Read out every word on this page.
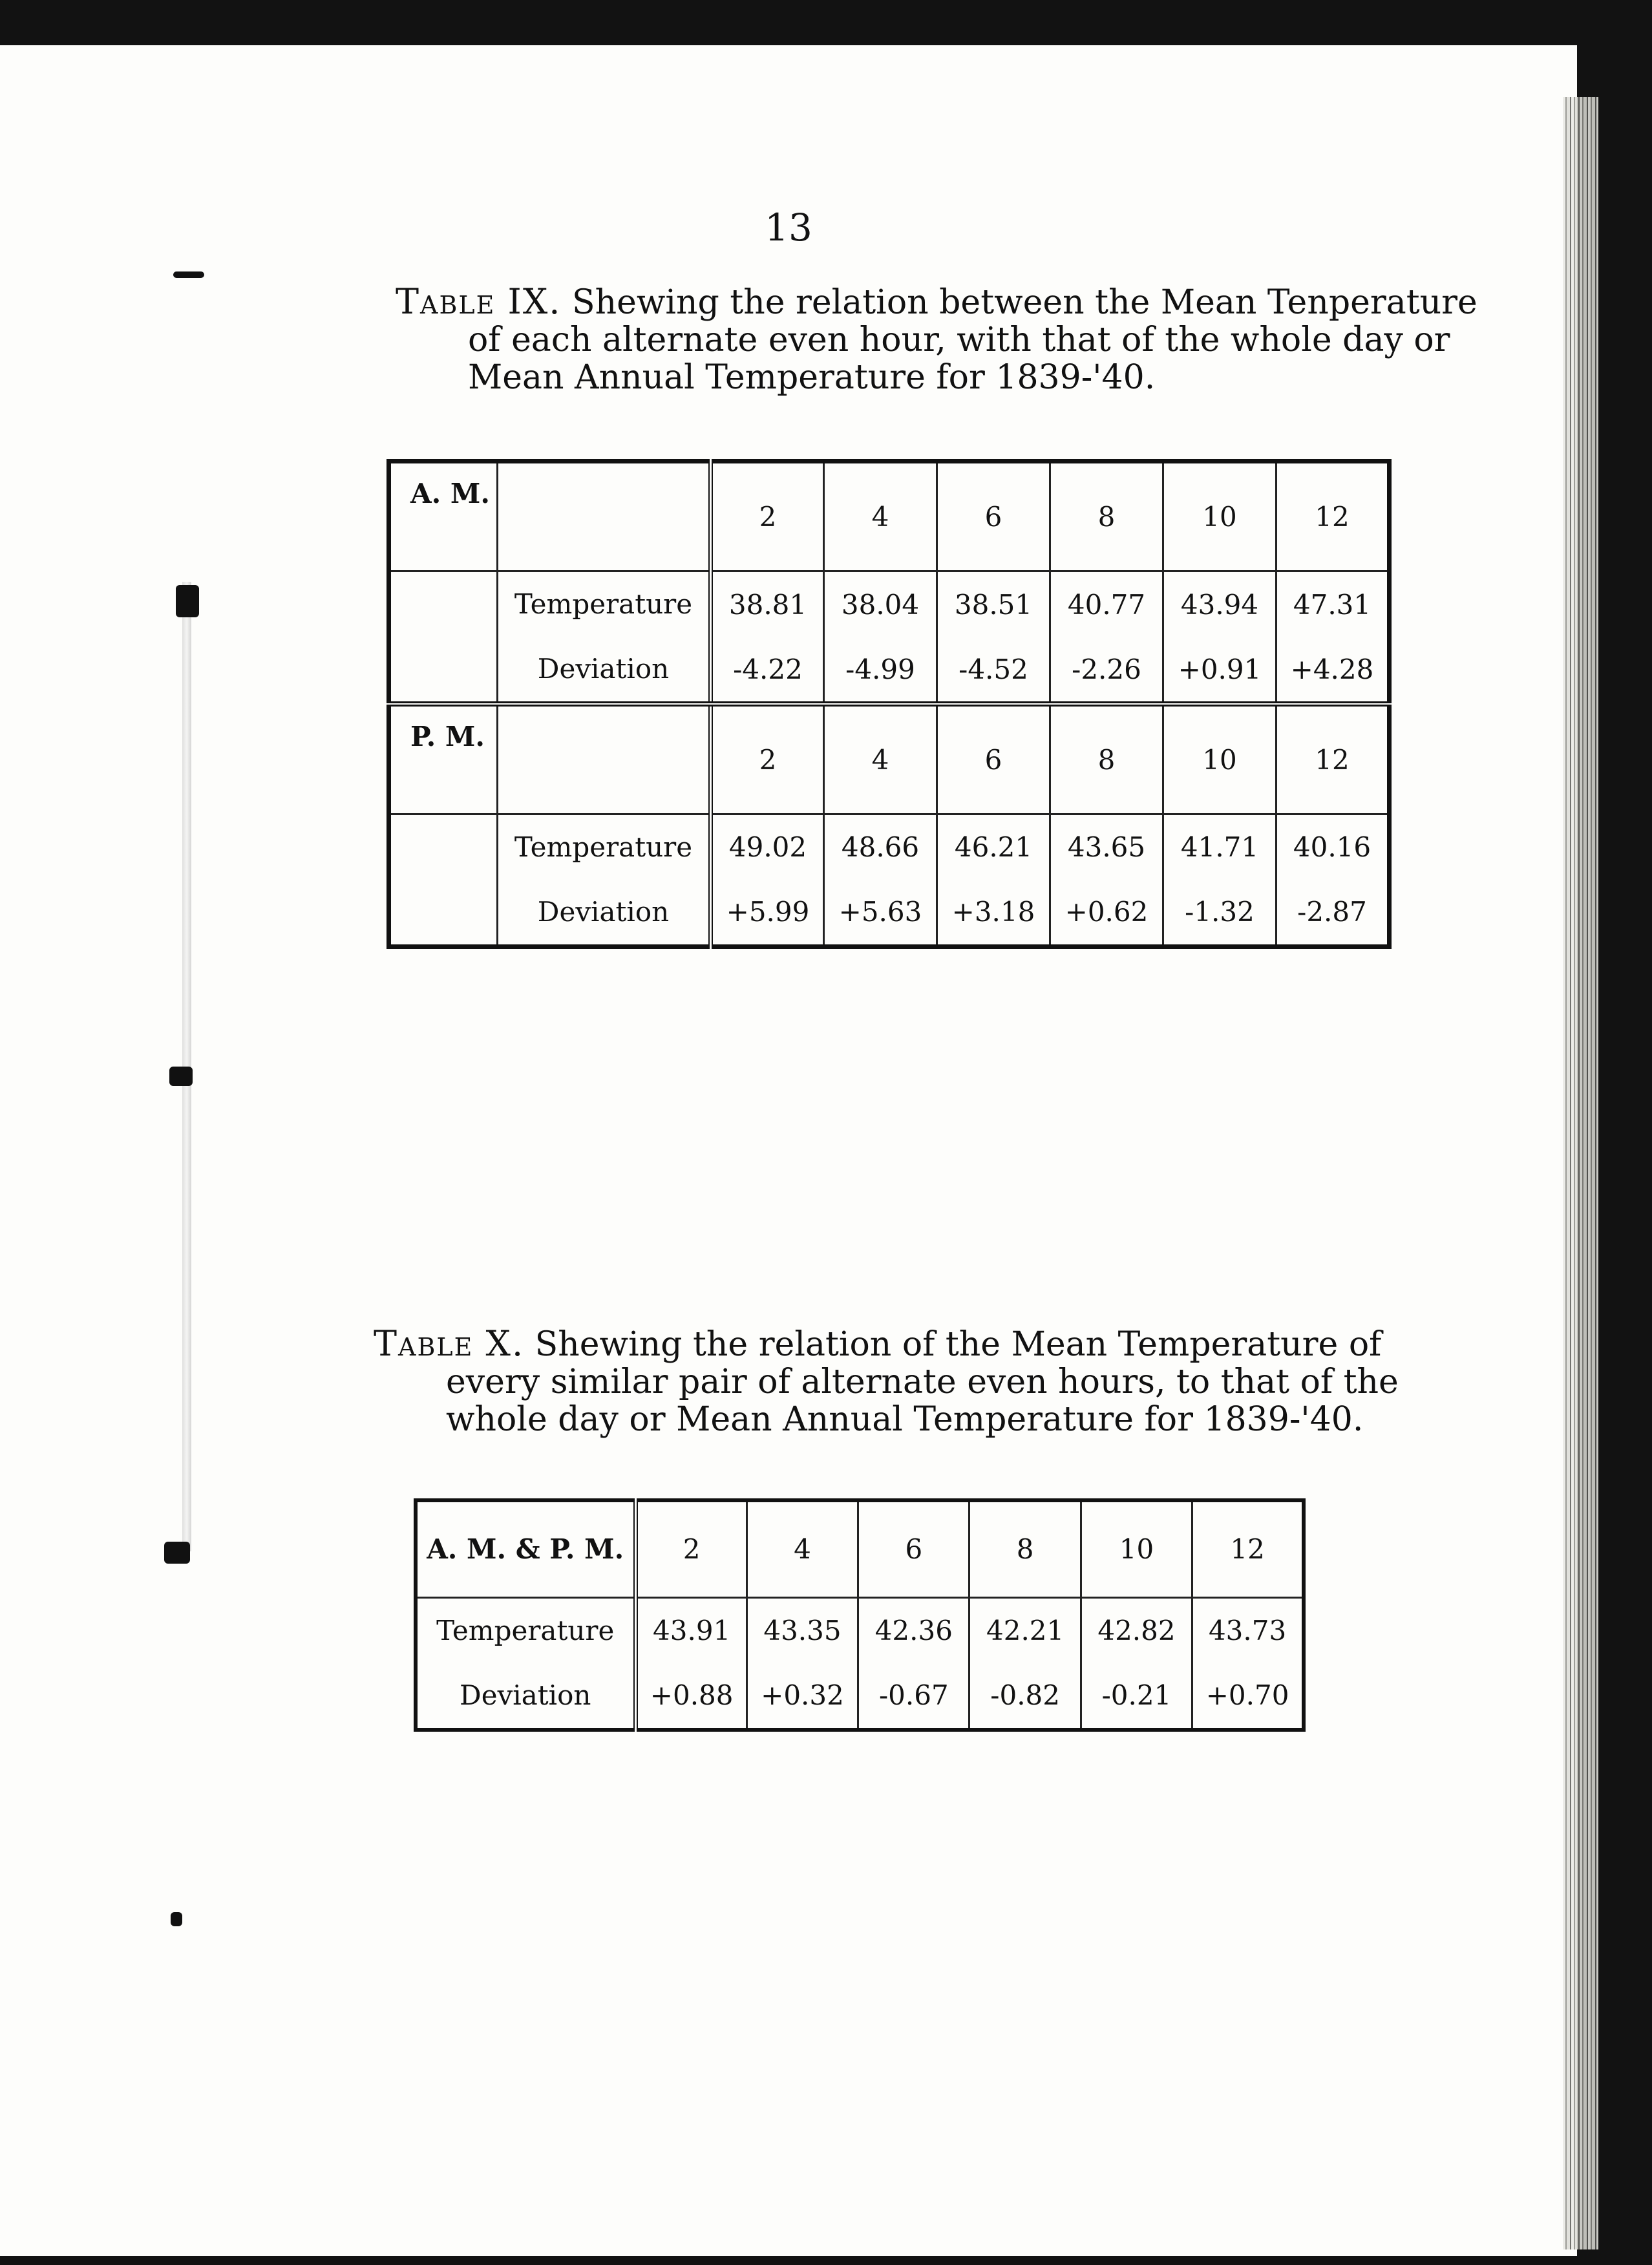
13
Table IX. Shewing the relation between the Mean Tenperature
of each alternate even hour, with that of the whole day or
Mean Annual Temperature for 1839-'40.
A. M.		2	4	6	8	10	12
	Temperature	38.81	38.04	38.51	40.77	43.94	47.31
	Deviation	-4.22	-4.99	-4.52	-2.26	+0.91	+4.28
P. M.		2	4	6	8	10	12
	Temperature	49.02	48.66	46.21	43.65	41.71	40.16
	Deviation	+5.99	+5.63	+3.18	+0.62	-1.32	-2.87
Table X. Shewing the relation of the Mean Temperature of
every similar pair of alternate even hours, to that of the
whole day or Mean Annual Temperature for 1839-'40.
A. M. & P. M.	2	4	6	8	10	12
Temperature	43.91	43.35	42.36	42.21	42.82	43.73
Deviation	+0.88	+0.32	-0.67	-0.82	-0.21	+0.70
